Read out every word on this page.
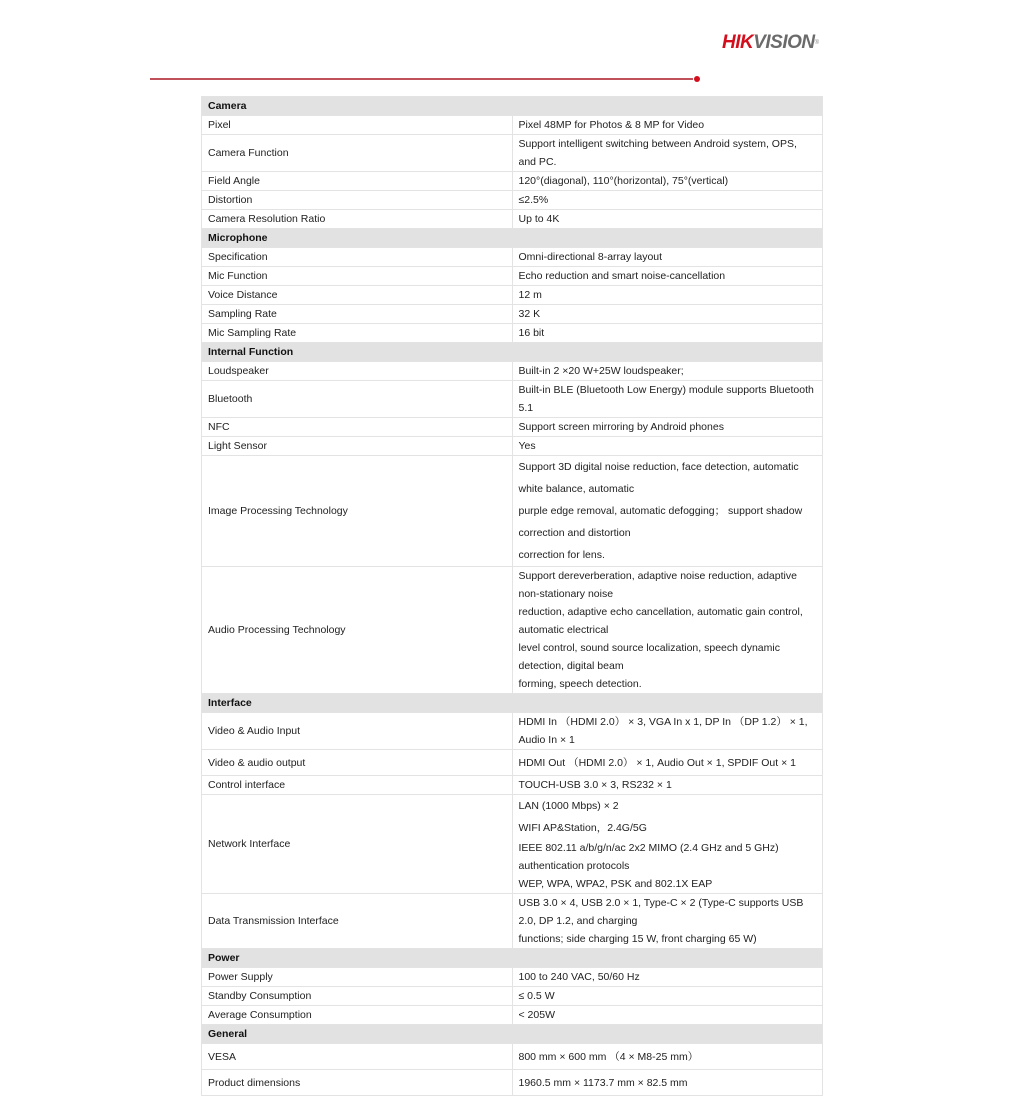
HIKVISION®
Camera	
Pixel	Pixel 48MP for Photos & 8 MP for Video

Camera Function	Support intelligent switching between Android system, OPS, and PC.

Field Angle	120°(diagonal), 110°(horizontal), 75°(vertical)

Distortion	≤2.5%

Camera Resolution Ratio	Up to 4K

Microphone	
Specification	Omni-directional 8-array layout

Mic Function	Echo reduction and smart noise-cancellation

Voice Distance	12 m

Sampling Rate	32 K

Mic Sampling Rate	16 bit

Internal Function	
Loudspeaker	Built-in 2 ×20 W+25W loudspeaker;

Bluetooth	Built-in BLE (Bluetooth Low Energy) module supports Bluetooth 5.1

NFC	Support screen mirroring by Android phones

Light Sensor	Yes

Image Processing Technology	Support 3D digital noise reduction, face detection, automatic white balance, automatic
purple edge removal, automatic defogging； support shadow correction and distortion
correction for lens.

Audio Processing Technology	Support dereverberation, adaptive noise reduction, adaptive non-stationary noise
reduction, adaptive echo cancellation, automatic gain control, automatic electrical
level control, sound source localization, speech dynamic detection, digital beam
forming, speech detection.

Interface	
Video & Audio Input	HDMI In （HDMI 2.0） × 3, VGA In x 1, DP In （DP 1.2） × 1, Audio In × 1

Video & audio output	HDMI Out （HDMI 2.0） × 1, Audio Out × 1, SPDIF Out × 1

Control interface	TOUCH-USB 3.0 × 3, RS232 × 1

Network Interface	LAN (1000 Mbps) × 2
WIFI AP&Station，2.4G/5G
IEEE 802.11 a/b/g/n/ac 2x2 MIMO (2.4 GHz and 5 GHz) authentication protocols
WEP, WPA, WPA2, PSK and 802.1X EAP

Data Transmission Interface	USB 3.0 × 4, USB 2.0 × 1, Type-C × 2 (Type-C supports USB 2.0, DP 1.2, and charging
functions; side charging 15 W, front charging 65 W)

Power	
Power Supply	100 to 240 VAC, 50/60 Hz

Standby Consumption	≤ 0.5 W

Average Consumption	< 205W

General	
VESA	800 mm × 600 mm （4 × M8-25 mm）

Product dimensions	1960.5 mm × 1173.7 mm × 82.5 mm
